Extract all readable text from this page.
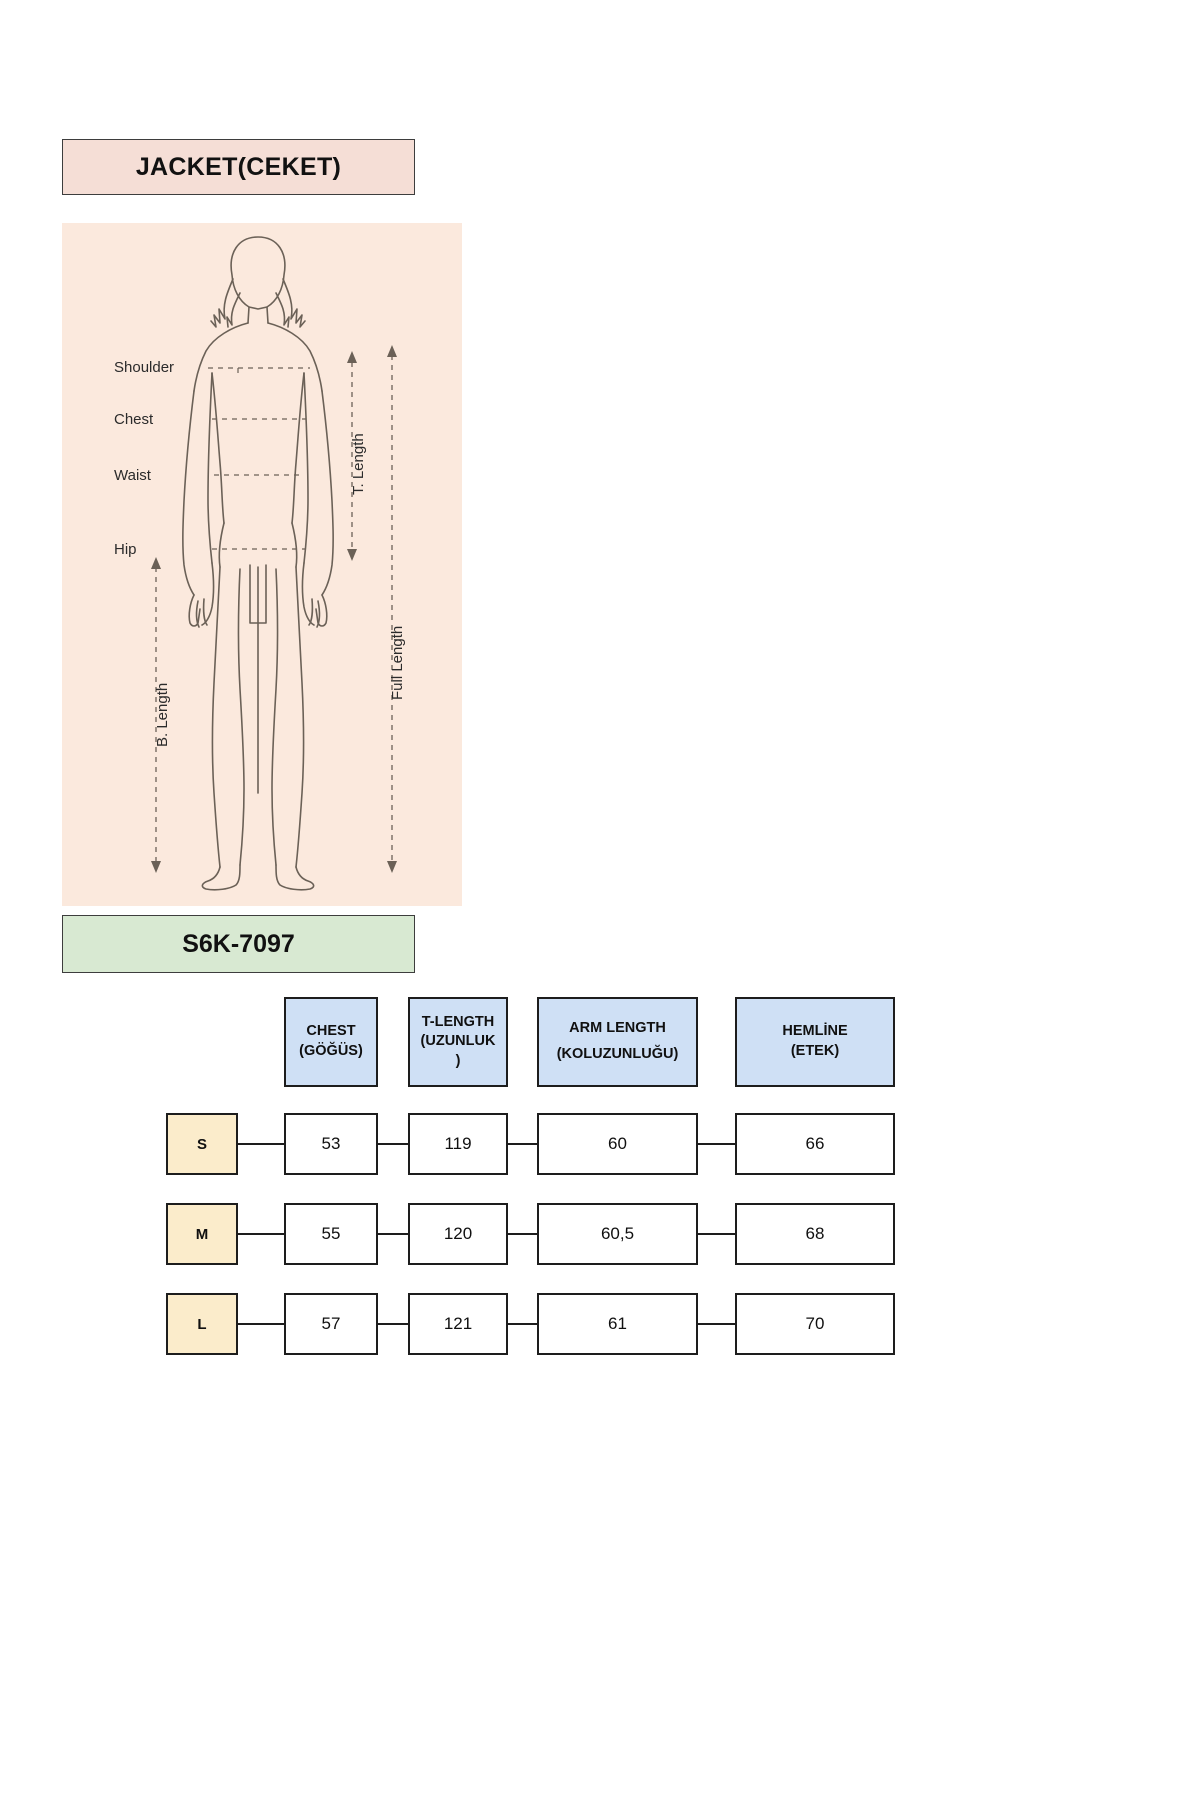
JACKET(CEKET)
Shoulder
Chest
Waist
Hip
T. Length
Full Length
B. Length
S6K-7097
CHEST
(GÖĞÜS)
T-LENGTH
(UZUNLUK
)
ARM LENGTH
(KOLUZUNLUĞU)
HEMLİNE
(ETEK)
S	53	119	60	66
M	55	120	60,5	68
L	57	121	61	70
